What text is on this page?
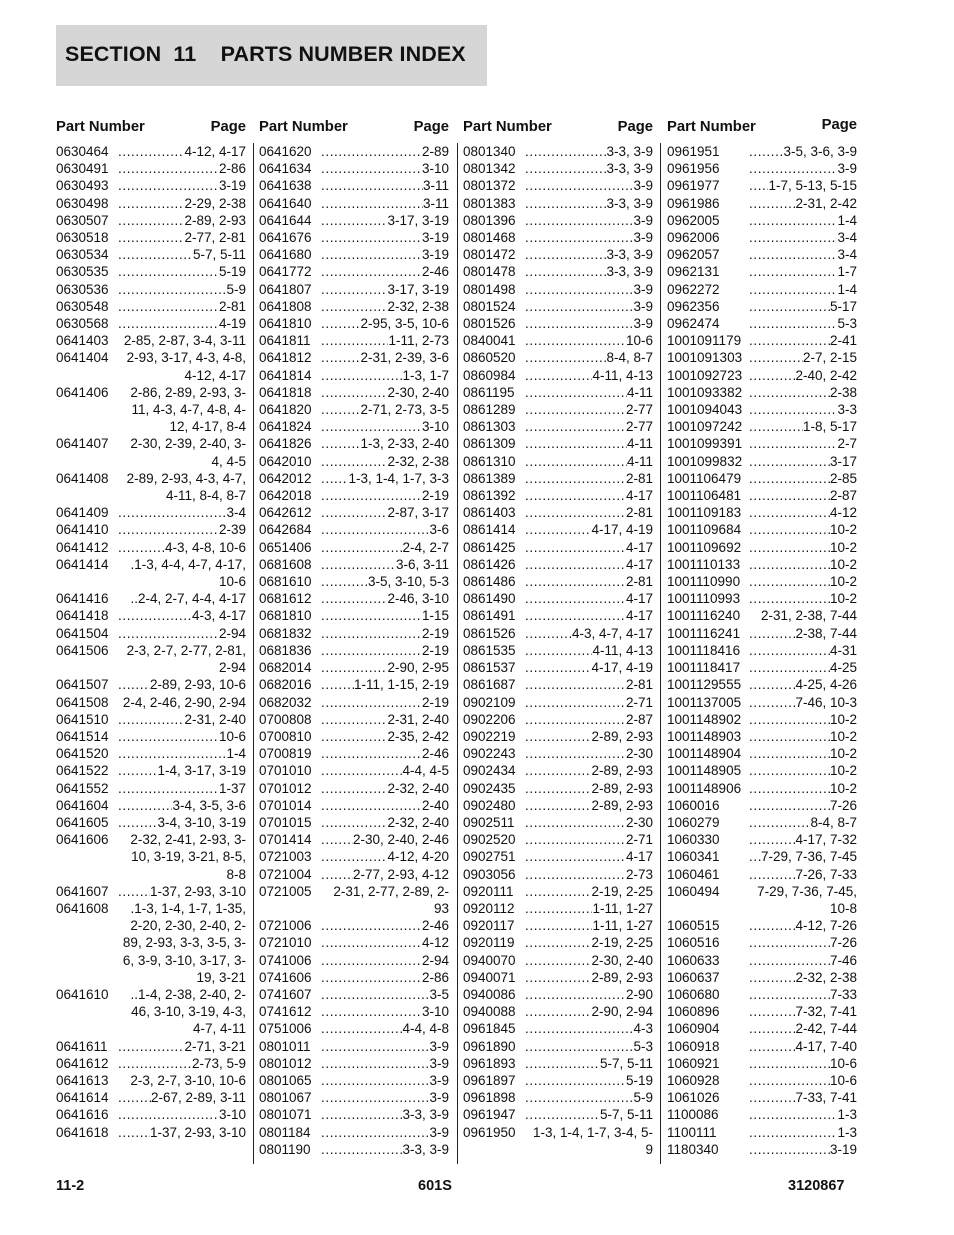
SECTION  11    PARTS NUMBER INDEX
Part Number	Page
0630464 .....	4-12, 4-17
0630491 .....	2-86
0630493 .....	3-19
0630498 .....	2-29, 2-38
0630507 .....	2-89, 2-93
0630518 .....	2-77, 2-81
0630534 .....	5-7, 5-11
0630535 .....	5-19
0630536 .....	5-9
0630548 .....	2-81
0630568 .....	4-19
0641403	2-85, 2-87, 3-4, 3-11
0641404	2-93, 3-17, 4-3, 4-8, 4-12, 4-17
0641406	2-86, 2-89, 2-93, 3-11, 4-3, 4-7, 4-8, 4-12, 4-17, 8-4
0641407	2-30, 2-39, 2-40, 3-4, 4-5
0641408	2-89, 2-93, 4-3, 4-7, 4-11, 8-4, 8-7
0641409 .....	3-4
0641410 .....	2-39
0641412 .....	4-3, 4-8, 10-6
0641414	.1-3, 4-4, 4-7, 4-17, 10-6
0641416	..2-4, 2-7, 4-4, 4-17
0641418 .....	4-3, 4-17
0641504 .....	2-94
0641506	2-3, 2-7, 2-77, 2-81, 2-94
0641507 .....	2-89, 2-93, 10-6
0641508	2-4, 2-46, 2-90, 2-94
0641510 .....	2-31, 2-40
0641514 .....	10-6
0641520 .....	1-4
0641522 .....	1-4, 3-17, 3-19
0641552 .....	1-37
0641604 .....	3-4, 3-5, 3-6
0641605 .....	3-4, 3-10, 3-19
0641606	2-32, 2-41, 2-93, 3-10, 3-19, 3-21, 8-5, 8-8
0641607 .....	1-37, 2-93, 3-10
0641608	.1-3, 1-4, 1-7, 1-35, 2-20, 2-30, 2-40, 2-89, 2-93, 3-3, 3-5, 3-6, 3-9, 3-10, 3-17, 3-19, 3-21
0641610	..1-4, 2-38, 2-40, 2-46, 3-10, 3-19, 4-3, 4-7, 4-11
0641611 .....	2-71, 3-21
0641612 .....	2-73, 5-9
0641613	2-3, 2-7, 3-10, 10-6
0641614 .....	2-67, 2-89, 3-11
0641616 .....	3-10
0641618 .....	1-37, 2-93, 3-10
Part Number	Page
0641620 .....	2-89
0641634 .....	3-10
0641638 .....	3-11
0641640 .....	3-11
0641644 .....	3-17, 3-19
0641676 .....	3-19
0641680 .....	3-19
0641772 .....	2-46
0641807 .....	3-17, 3-19
0641808 .....	2-32, 2-38
0641810 .....	2-95, 3-5, 10-6
0641811 .....	1-11, 2-73
0641812 .....	2-31, 2-39, 3-6
0641814 .....	1-3, 1-7
0641818 .....	2-30, 2-40
0641820 .....	2-71, 2-73, 3-5
0641824 .....	3-10
0641826 .....	1-3, 2-33, 2-40
0642010 .....	2-32, 2-38
0642012 .....	1-3, 1-4, 1-7, 3-3
0642018 .....	2-19
0642612 .....	2-87, 3-17
0642684 .....	3-6
0651406 .....	2-4, 2-7
0681608 .....	3-6, 3-11
0681610 .....	3-5, 3-10, 5-3
0681612 .....	2-46, 3-10
0681810 .....	1-15
0681832 .....	2-19
0681836 .....	2-19
0682014 .....	2-90, 2-95
0682016 .....	1-11, 1-15, 2-19
0682032 .....	2-19
0700808 .....	2-31, 2-40
0700810 .....	2-35, 2-42
0700819 .....	2-46
0701010 .....	4-4, 4-5
0701012 .....	2-32, 2-40
0701014 .....	2-40
0701015 .....	2-32, 2-40
0701414 .....	2-30, 2-40, 2-46
0721003 .....	4-12, 4-20
0721004 .....	2-77, 2-93, 4-12
0721005	2-31, 2-77, 2-89, 2-93
0721006 .....	2-46
0721010 .....	4-12
0741006 .....	2-94
0741606 .....	2-86
0741607 .....	3-5
0741612 .....	3-10
0751006 .....	4-4, 4-8
0801011 .....	3-9
0801012 .....	3-9
0801065 .....	3-9
0801067 .....	3-9
0801071 .....	3-3, 3-9
0801184 .....	3-9
0801190 .....	3-3, 3-9
Part Number	Page
0801340 .....	3-3, 3-9
0801342 .....	3-3, 3-9
0801372 .....	3-9
0801383 .....	3-3, 3-9
0801396 .....	3-9
0801468 .....	3-9
0801472 .....	3-3, 3-9
0801478 .....	3-3, 3-9
0801498 .....	3-9
0801524 .....	3-9
0801526 .....	3-9
0840041 .....	10-6
0860520 .....	8-4, 8-7
0860984 .....	4-11, 4-13
0861195 .....	4-11
0861289 .....	2-77
0861303 .....	2-77
0861309 .....	4-11
0861310 .....	4-11
0861389 .....	2-81
0861392 .....	4-17
0861403 .....	2-81
0861414 .....	4-17, 4-19
0861425 .....	4-17
0861426 .....	4-17
0861486 .....	2-81
0861490 .....	4-17
0861491 .....	4-17
0861526 .....	4-3, 4-7, 4-17
0861535 .....	4-11, 4-13
0861537 .....	4-17, 4-19
0861687 .....	2-81
0902109 .....	2-71
0902206 .....	2-87
0902219 .....	2-89, 2-93
0902243 .....	2-30
0902434 .....	2-89, 2-93
0902435 .....	2-89, 2-93
0902480 .....	2-89, 2-93
0902511 .....	2-30
0902520 .....	2-71
0902751 .....	4-17
0903056 .....	2-73
0920111 .....	2-19, 2-25
0920112 .....	1-11, 1-27
0920117 .....	1-11, 1-27
0920119 .....	2-19, 2-25
0940070 .....	2-30, 2-40
0940071 .....	2-89, 2-93
0940086 .....	2-90
0940088 .....	2-90, 2-94
0961845 .....	4-3
0961890 .....	5-3
0961893 .....	5-7, 5-11
0961897 .....	5-19
0961898 .....	5-9
0961947 .....	5-7, 5-11
0961950	1-3, 1-4, 1-7, 3-4, 5-9
Part Number	Page
0961951 .....	3-5, 3-6, 3-9
0961956 .....	3-9
0961977 .....	1-7, 5-13, 5-15
0961986 .....	2-31, 2-42
0962005 .....	1-4
0962006 .....	3-4
0962057 .....	3-4
0962131 .....	1-7
0962272 .....	1-4
0962356 .....	5-17
0962474 .....	5-3
1001091179 .....	2-41
1001091303 .....	2-7, 2-15
1001092723 .....	2-40, 2-42
1001093382 .....	2-38
1001094043 .....	3-3
1001097242 .....	1-8, 5-17
1001099391 .....	2-7
1001099832 .....	3-17
1001106479 .....	2-85
1001106481 .....	2-87
1001109183 .....	4-12
1001109684 .....	10-2
1001109692 .....	10-2
1001110133 .....	10-2
1001110990 .....	10-2
1001110993 .....	10-2
1001116240	2-31, 2-38, 7-44
1001116241 .....	2-38, 7-44
1001118416 .....	4-31
1001118417 .....	4-25
1001129555 .....	4-25, 4-26
1001137005 .....	7-46, 10-3
1001148902 .....	10-2
1001148903 .....	10-2
1001148904 .....	10-2
1001148905 .....	10-2
1001148906 .....	10-2
1060016 .....	7-26
1060279 .....	8-4, 8-7
1060330 .....	4-17, 7-32
1060341 .....	7-29, 7-36, 7-45
1060461 .....	7-26, 7-33
1060494	7-29, 7-36, 7-45, 10-8
1060515 .....	4-12, 7-26
1060516 .....	7-26
1060633 .....	7-46
1060637 .....	2-32, 2-38
1060680 .....	7-33
1060896 .....	7-32, 7-41
1060904 .....	2-42, 7-44
1060918 .....	4-17, 7-40
1060921 .....	10-6
1060928 .....	10-6
1061026 .....	7-33, 7-41
1100086 .....	1-3
1100111 .....	1-3
1180340 .....	3-19
11-2	601S	3120867
